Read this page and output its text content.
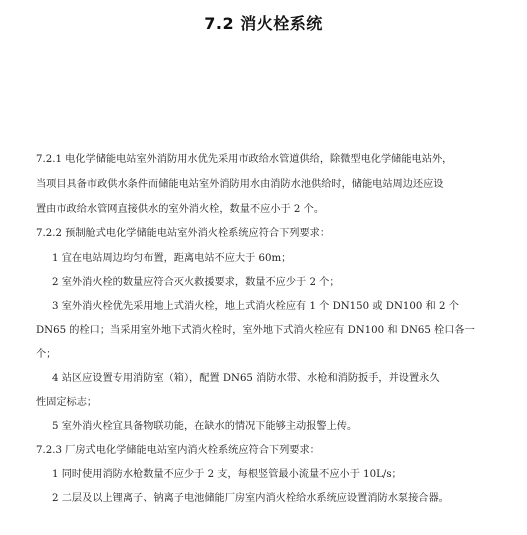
7.2 消火栓系统
7.2.1 电化学储能电站室外消防用水优先采用市政给水管道供给，除微型电化学储能电站外，
当项目具备市政供水条件而储能电站室外消防用水由消防水池供给时，储能电站周边还应设
置由市政给水管网直接供水的室外消火栓，数量不应小于 2 个。
7.2.2 预制舱式电化学储能电站室外消火栓系统应符合下列要求：
1 宜在电站周边均匀布置，距离电站不应大于 60m；
2 室外消火栓的数量应符合灭火救援要求，数量不应少于 2 个；
3 室外消火栓优先采用地上式消火栓，地上式消火栓应有 1 个 DN150 或 DN100 和 2 个
DN65 的栓口；当采用室外地下式消火栓时，室外地下式消火栓应有 DN100 和 DN65 栓口各一
个；
4 站区应设置专用消防室（箱），配置 DN65 消防水带、水枪和消防扳手，并设置永久
性固定标志；
5 室外消火栓宜具备物联功能，在缺水的情况下能够主动报警上传。
7.2.3 厂房式电化学储能电站室内消火栓系统应符合下列要求：
1 同时使用消防水枪数量不应少于 2 支，每根竖管最小流量不应小于 10L/s；
2 二层及以上锂离子、钠离子电池储能厂房室内消火栓给水系统应设置消防水泵接合器。
